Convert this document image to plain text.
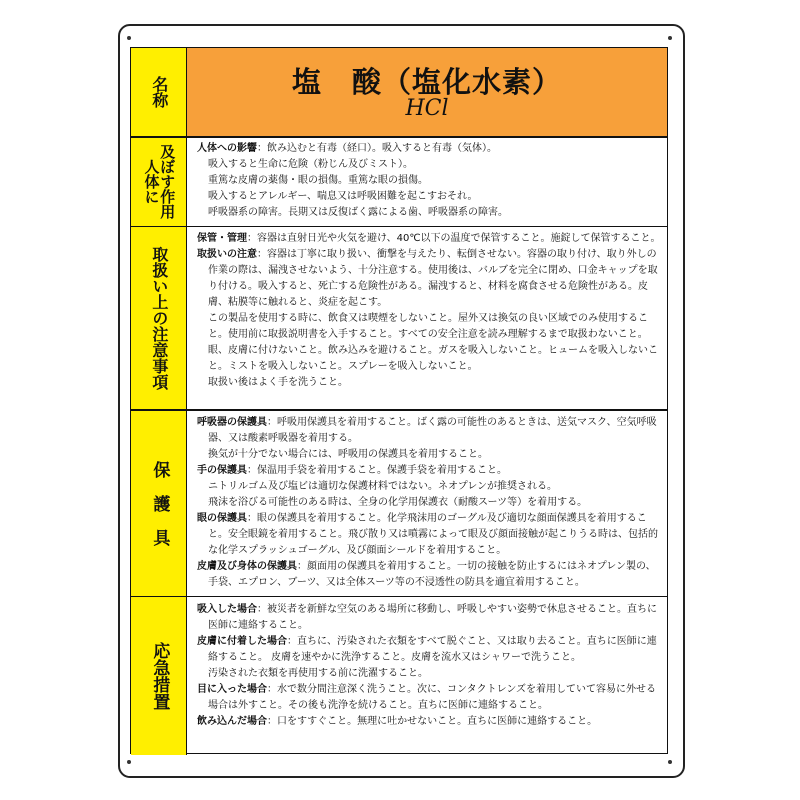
名称	塩　酸（塩化水素）
HCl
人体に
及ぼす作用 人体への影響：飲み込むと有毒（経口）。吸入すると有毒（気体）。

吸入すると生命に危険（粉じん及びミスト）。

重篤な皮膚の薬傷・眼の損傷。重篤な眼の損傷。

吸入するとアレルギー、喘息又は呼吸困難を起こすおそれ。

呼吸器系の障害。長期又は反復ばく露による歯、呼吸器系の障害。

取扱い上の注意事項

保管・管理：容器は直射日光や火気を避け、40℃以下の温度で保管すること。施錠して保管すること。

取扱いの注意：容器は丁寧に取り扱い、衝撃を与えたり、転倒させない。容器の取り付け、取り外しの作業の際は、漏洩させないよう、十分注意する。使用後は、バルブを完全に閉め、口金キャップを取り付ける。吸入すると、死亡する危険性がある。漏洩すると、材料を腐食させる危険性がある。皮膚、粘膜等に触れると、炎症を起こす。

この製品を使用する時に、飲食又は喫煙をしないこと。屋外又は換気の良い区域でのみ使用すること。使用前に取扱説明書を入手すること。すべての安全注意を読み理解するまで取扱わないこと。眼、皮膚に付けないこと。飲み込みを避けること。ガスを吸入しないこと。ヒュームを吸入しないこと。ミストを吸入しないこと。スプレーを吸入しないこと。

取扱い後はよく手を洗うこと。

保　護　具

呼吸器の保護具：呼吸用保護具を着用すること。ばく露の可能性のあるときは、送気マスク、空気呼吸器、又は酸素呼吸器を着用する。

換気が十分でない場合には、呼吸用の保護具を着用すること。

手の保護具：保温用手袋を着用すること。保護手袋を着用すること。

ニトリルゴム及び塩ビは適切な保護材料ではない。ネオプレンが推奨される。

飛沫を浴びる可能性のある時は、全身の化学用保護衣（耐酸スーツ等）を着用する。

眼の保護具：眼の保護具を着用すること。化学飛沫用のゴーグル及び適切な顔面保護具を着用すること。安全眼鏡を着用すること。飛び散り又は噴霧によって眼及び顔面接触が起こりうる時は、包括的な化学スプラッシュゴーグル、及び顔面シールドを着用すること。

皮膚及び身体の保護具：顔面用の保護具を着用すること。一切の接触を防止するにはネオプレン製の、手袋、エプロン、ブーツ、又は全体スーツ等の不浸透性の防具を適宜着用すること。

応急措置

吸入した場合：被災者を新鮮な空気のある場所に移動し、呼吸しやすい姿勢で休息させること。直ちに医師に連絡すること。

皮膚に付着した場合：直ちに、汚染された衣類をすべて脱ぐこと、又は取り去ること。直ちに医師に連絡すること。 皮膚を速やかに洗浄すること。皮膚を流水又はシャワーで洗うこと。

汚染された衣類を再使用する前に洗濯すること。

目に入った場合：水で数分間注意深く洗うこと。次に、コンタクトレンズを着用していて容易に外せる場合は外すこと。その後も洗浄を続けること。直ちに医師に連絡すること。

飲み込んだ場合：口をすすぐこと。無理に吐かせないこと。直ちに医師に連絡すること。
